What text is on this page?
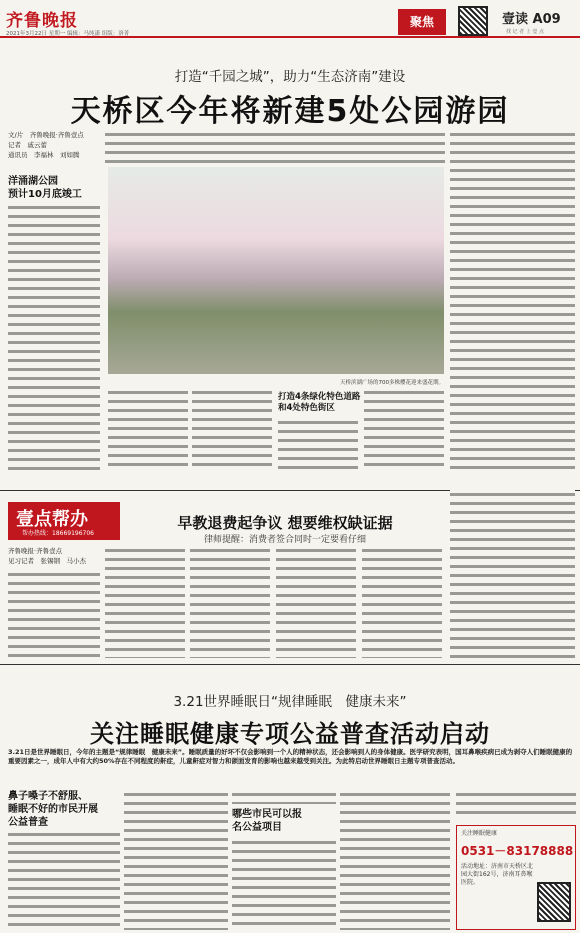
齐鲁晚报
2021年3月22日 星期一 编辑：马纯潇 组版：洛菁
聚焦	壹读 A09
找 记 者 上 壹 点
打造“千园之城”，助力“生态济南”建设
天桥区今年将新建5处公园游园
文/片　齐鲁晚报·齐鲁壹点
记者　戚云蕾
通讯员　李福林　刘如腾
洋涌湖公园
预计10月底竣工
天桥滨湖广场的700多株樱花迎来盛花期。
打造4条绿化特色道路
和4处特色街区
壹点帮办
帮办热线：18669196706
早教退费起争议 想要维权缺证据
律师提醒：消费者签合同时一定要看仔细
齐鲁晚报·齐鲁壹点
见习记者　张锡钢　马小杰
3.21世界睡眠日“规律睡眠　健康未来”
关注睡眠健康专项公益普查活动启动
3.21日是世界睡眠日，今年的主题是“规律睡眠　健康未来”。睡眠质量的好坏不仅会影响到一个人的精神状态，还会影响到人的身体健康。医学研究表明，国耳鼻喉疾病已成为剥夺人们睡眠健康的重要因素之一，成年人中有大约50%存在不同程度的鼾症，儿童鼾症对智力和颌面发育的影响也越来越受到关注。为此特启动世界睡眠日主题专项普查活动。
鼻子嗓子不舒服、
睡眠不好的市民开展
公益普查
哪些市民可以报
名公益项目
关注睡眠健康
0531－83178888
活动地址：济南市天桥区北园大街162号，济南耳鼻喉医院。
